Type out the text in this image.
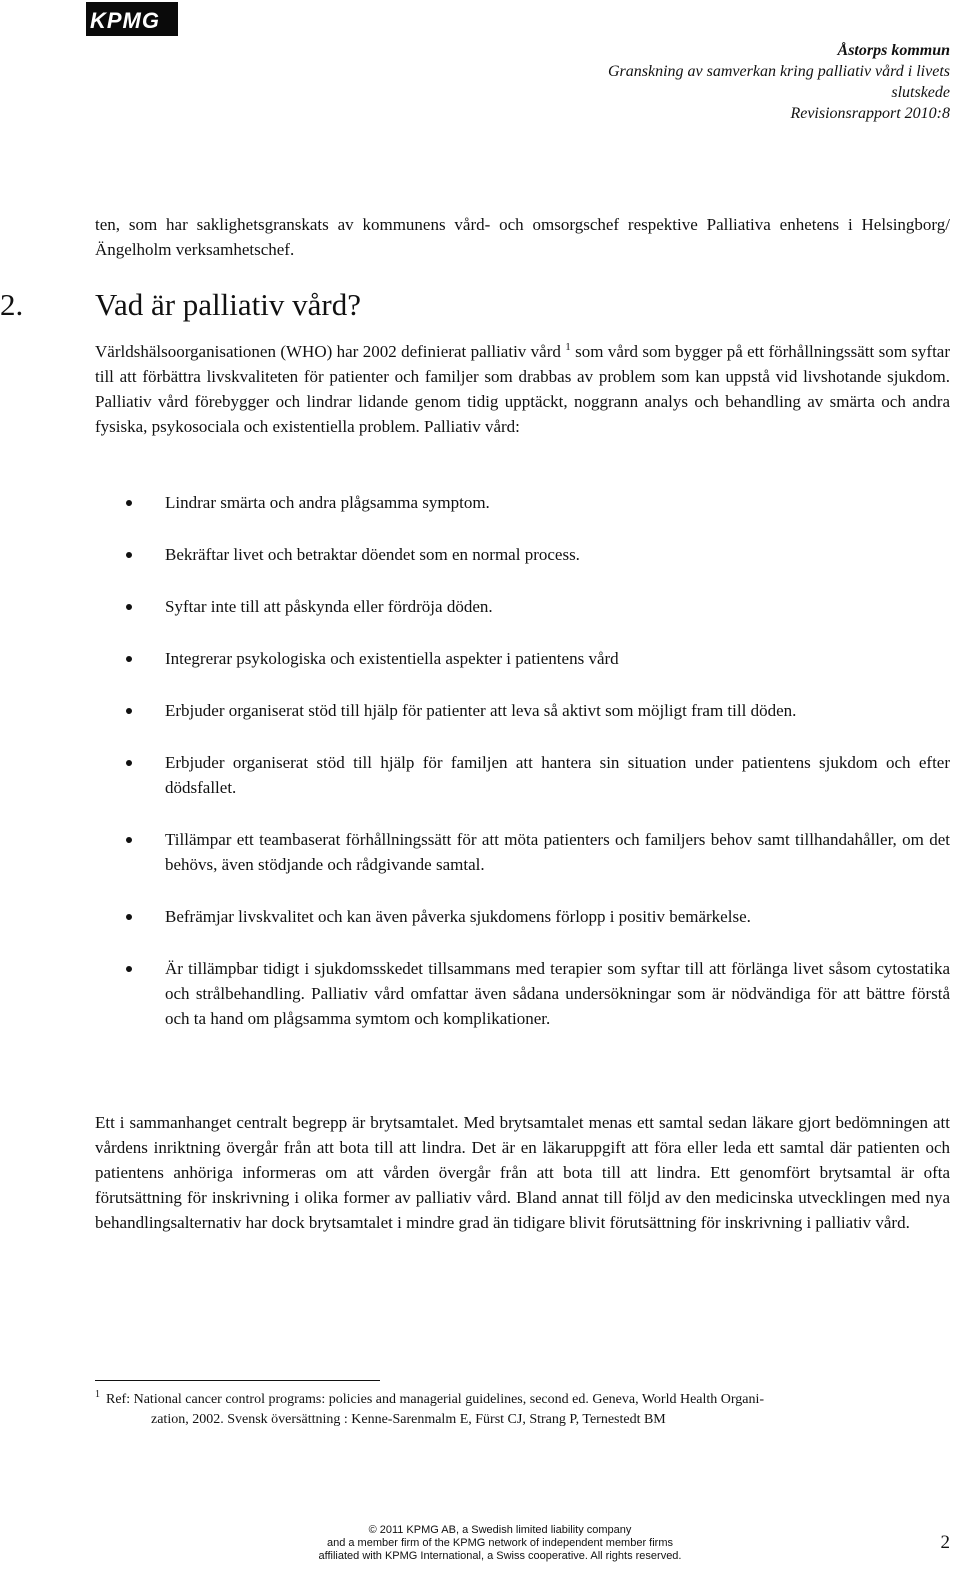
KPMG
Åstorps kommun
Granskning av samverkan kring palliativ vård i livets
slutskede
Revisionsrapport 2010:8

ten, som har saklighetsgranskats av kommunens vård- och omsorgschef respektive Palliativa enhetens i Helsingborg/Ängelholm verksamhetschef.

2. Vad är palliativ vård?

Världshälsoorganisationen (WHO) har 2002 definierat palliativ vård $^1$ som vård som bygger på ett förhållningssätt som syftar till att förbättra livskvaliteten för patienter och familjer som drabbas av problem som kan uppstå vid livshotande sjukdom. Palliativ vård förebygger och lindrar lidande genom tidig upptäckt, noggrann analys och behandling av smärta och andra fysiska, psykosociala och existentiella problem. Palliativ vård:

Lindrar smärta och andra plågsamma symptom.
Bekräftar livet och betraktar döendet som en normal process.
Syftar inte till att påskynda eller fördröja döden.
Integrerar psykologiska och existentiella aspekter i patientens vård
Erbjuder organiserat stöd till hjälp för patienter att leva så aktivt som möjligt fram till döden.
Erbjuder organiserat stöd till hjälp för familjen att hantera sin situation under patientens sjukdom och efter dödsfallet.
Tillämpar ett teambaserat förhållningssätt för att möta patienters och familjers behov samt tillhandahåller, om det behövs, även stödjande och rådgivande samtal.
Befrämjar livskvalitet och kan även påverka sjukdomens förlopp i positiv bemärkelse.
Är tillämpbar tidigt i sjukdomsskedet tillsammans med terapier som syftar till att förlänga livet såsom cytostatika och strålbehandling. Palliativ vård omfattar även sådana undersökningar som är nödvändiga för att bättre förstå och ta hand om plågsamma symtom och komplikationer.

Ett i sammanhanget centralt begrepp är brytsamtalet. Med brytsamtalet menas ett samtal sedan läkare gjort bedömningen att vårdens inriktning övergår från att bota till att lindra. Det är en läkaruppgift att föra eller leda ett samtal där patienten och patientens anhöriga informeras om att vården övergår från att bota till att lindra. Ett genomfört brytsamtal är ofta förutsättning för inskrivning i olika former av palliativ vård. Bland annat till följd av den medicinska utvecklingen med nya behandlingsalternativ har dock brytsamtalet i mindre grad än tidigare blivit förutsättning för inskrivning i palliativ vård.

$^1$ Ref: National cancer control programs: policies and managerial guidelines, second ed. Geneva, World Health Organi-
zation, 2002. Svensk översättning : Kenne-Sarenmalm E, Fürst CJ, Strang P, Ternestedt BM
© 2011 KPMG AB, a Swedish limited liability company
and a member firm of the KPMG network of independent member firms
affiliated with KPMG International, a Swiss cooperative. All rights reserved.
2
